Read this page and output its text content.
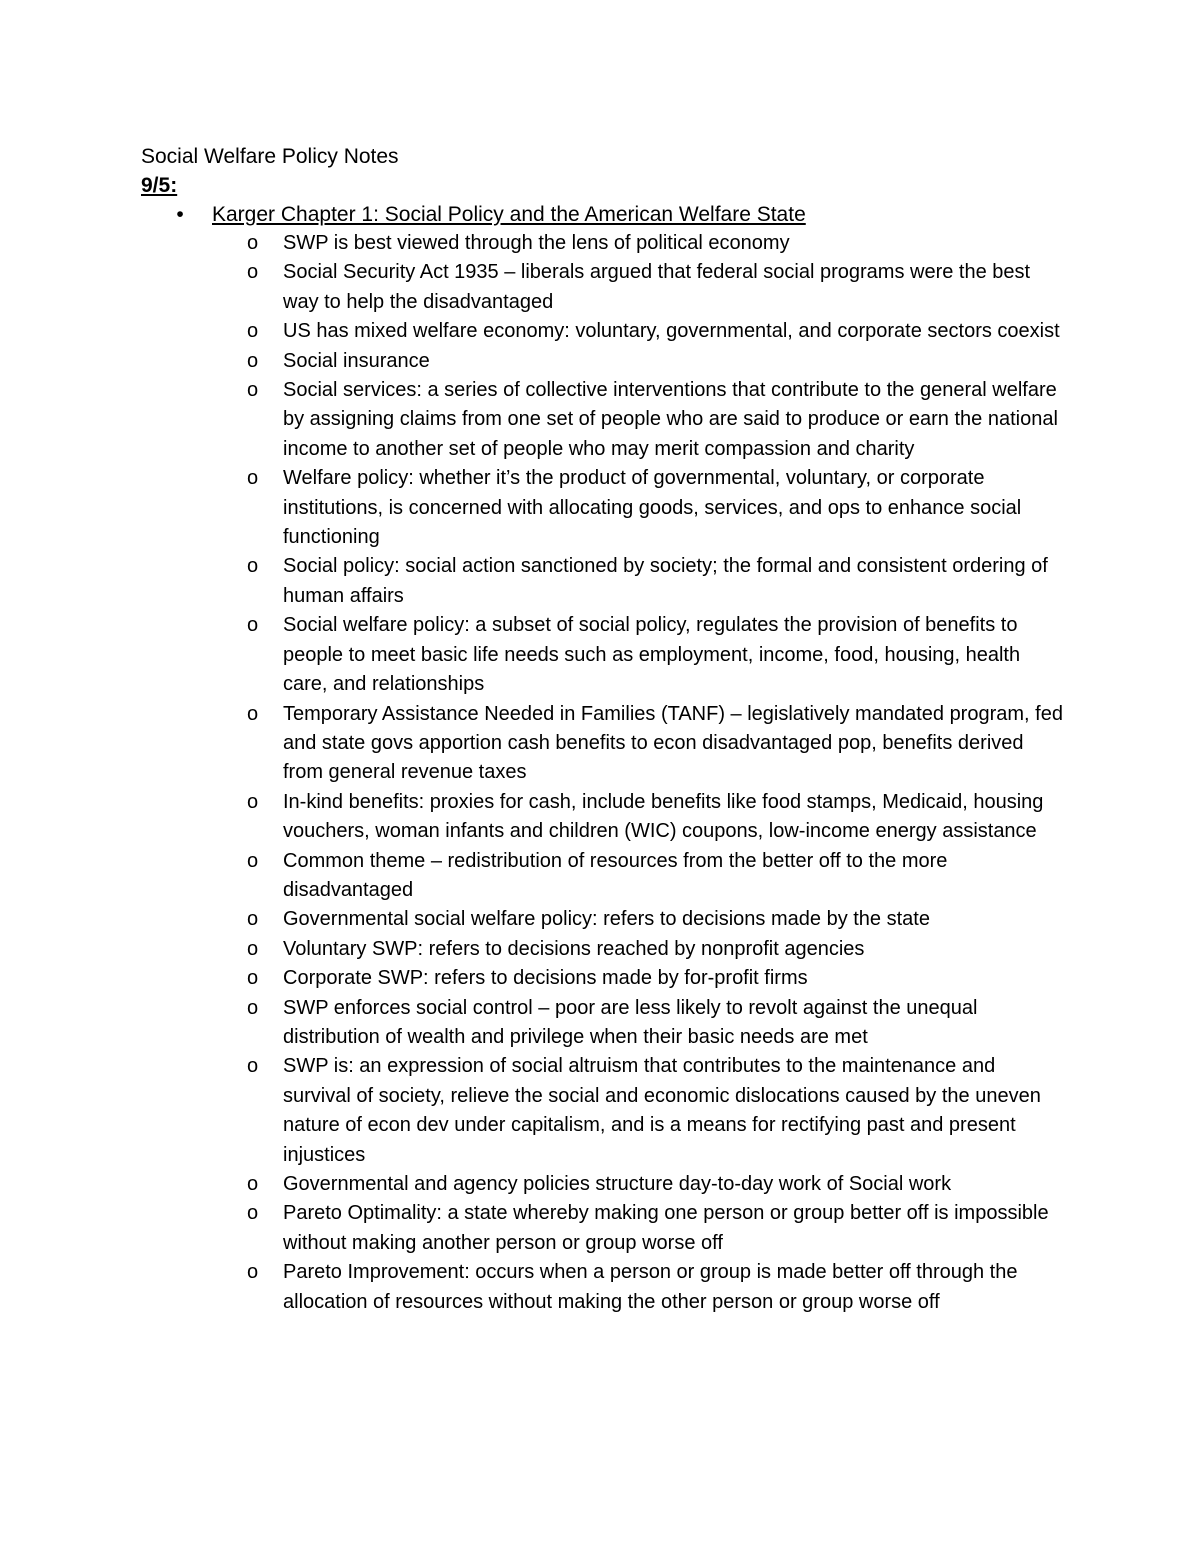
Social Welfare Policy Notes
9/5:
• Karger Chapter 1: Social Policy and the American Welfare State
o SWP is best viewed through the lens of political economy
o Social Security Act 1935 – liberals argued that federal social programs were the best way to help the disadvantaged
o US has mixed welfare economy: voluntary, governmental, and corporate sectors coexist
o Social insurance
o Social services: a series of collective interventions that contribute to the general welfare by assigning claims from one set of people who are said to produce or earn the national income to another set of people who may merit compassion and charity
o Welfare policy: whether it’s the product of governmental, voluntary, or corporate institutions, is concerned with allocating goods, services, and ops to enhance social functioning
o Social policy: social action sanctioned by society; the formal and consistent ordering of human affairs
o Social welfare policy: a subset of social policy, regulates the provision of benefits to people to meet basic life needs such as employment, income, food, housing, health care, and relationships
o Temporary Assistance Needed in Families (TANF) – legislatively mandated program, fed and state govs apportion cash benefits to econ disadvantaged pop, benefits derived from general revenue taxes
o In-kind benefits: proxies for cash, include benefits like food stamps, Medicaid, housing vouchers, woman infants and children (WIC) coupons, low-income energy assistance
o Common theme – redistribution of resources from the better off to the more disadvantaged
o Governmental social welfare policy: refers to decisions made by the state
o Voluntary SWP: refers to decisions reached by nonprofit agencies
o Corporate SWP: refers to decisions made by for-profit firms
o SWP enforces social control – poor are less likely to revolt against the unequal distribution of wealth and privilege when their basic needs are met
o SWP is: an expression of social altruism that contributes to the maintenance and survival of society, relieve the social and economic dislocations caused by the uneven nature of econ dev under capitalism, and is a means for rectifying past and present injustices
o Governmental and agency policies structure day-to-day work of Social work
o Pareto Optimality: a state whereby making one person or group better off is impossible without making another person or group worse off
o Pareto Improvement: occurs when a person or group is made better off through the allocation of resources without making the other person or group worse off
